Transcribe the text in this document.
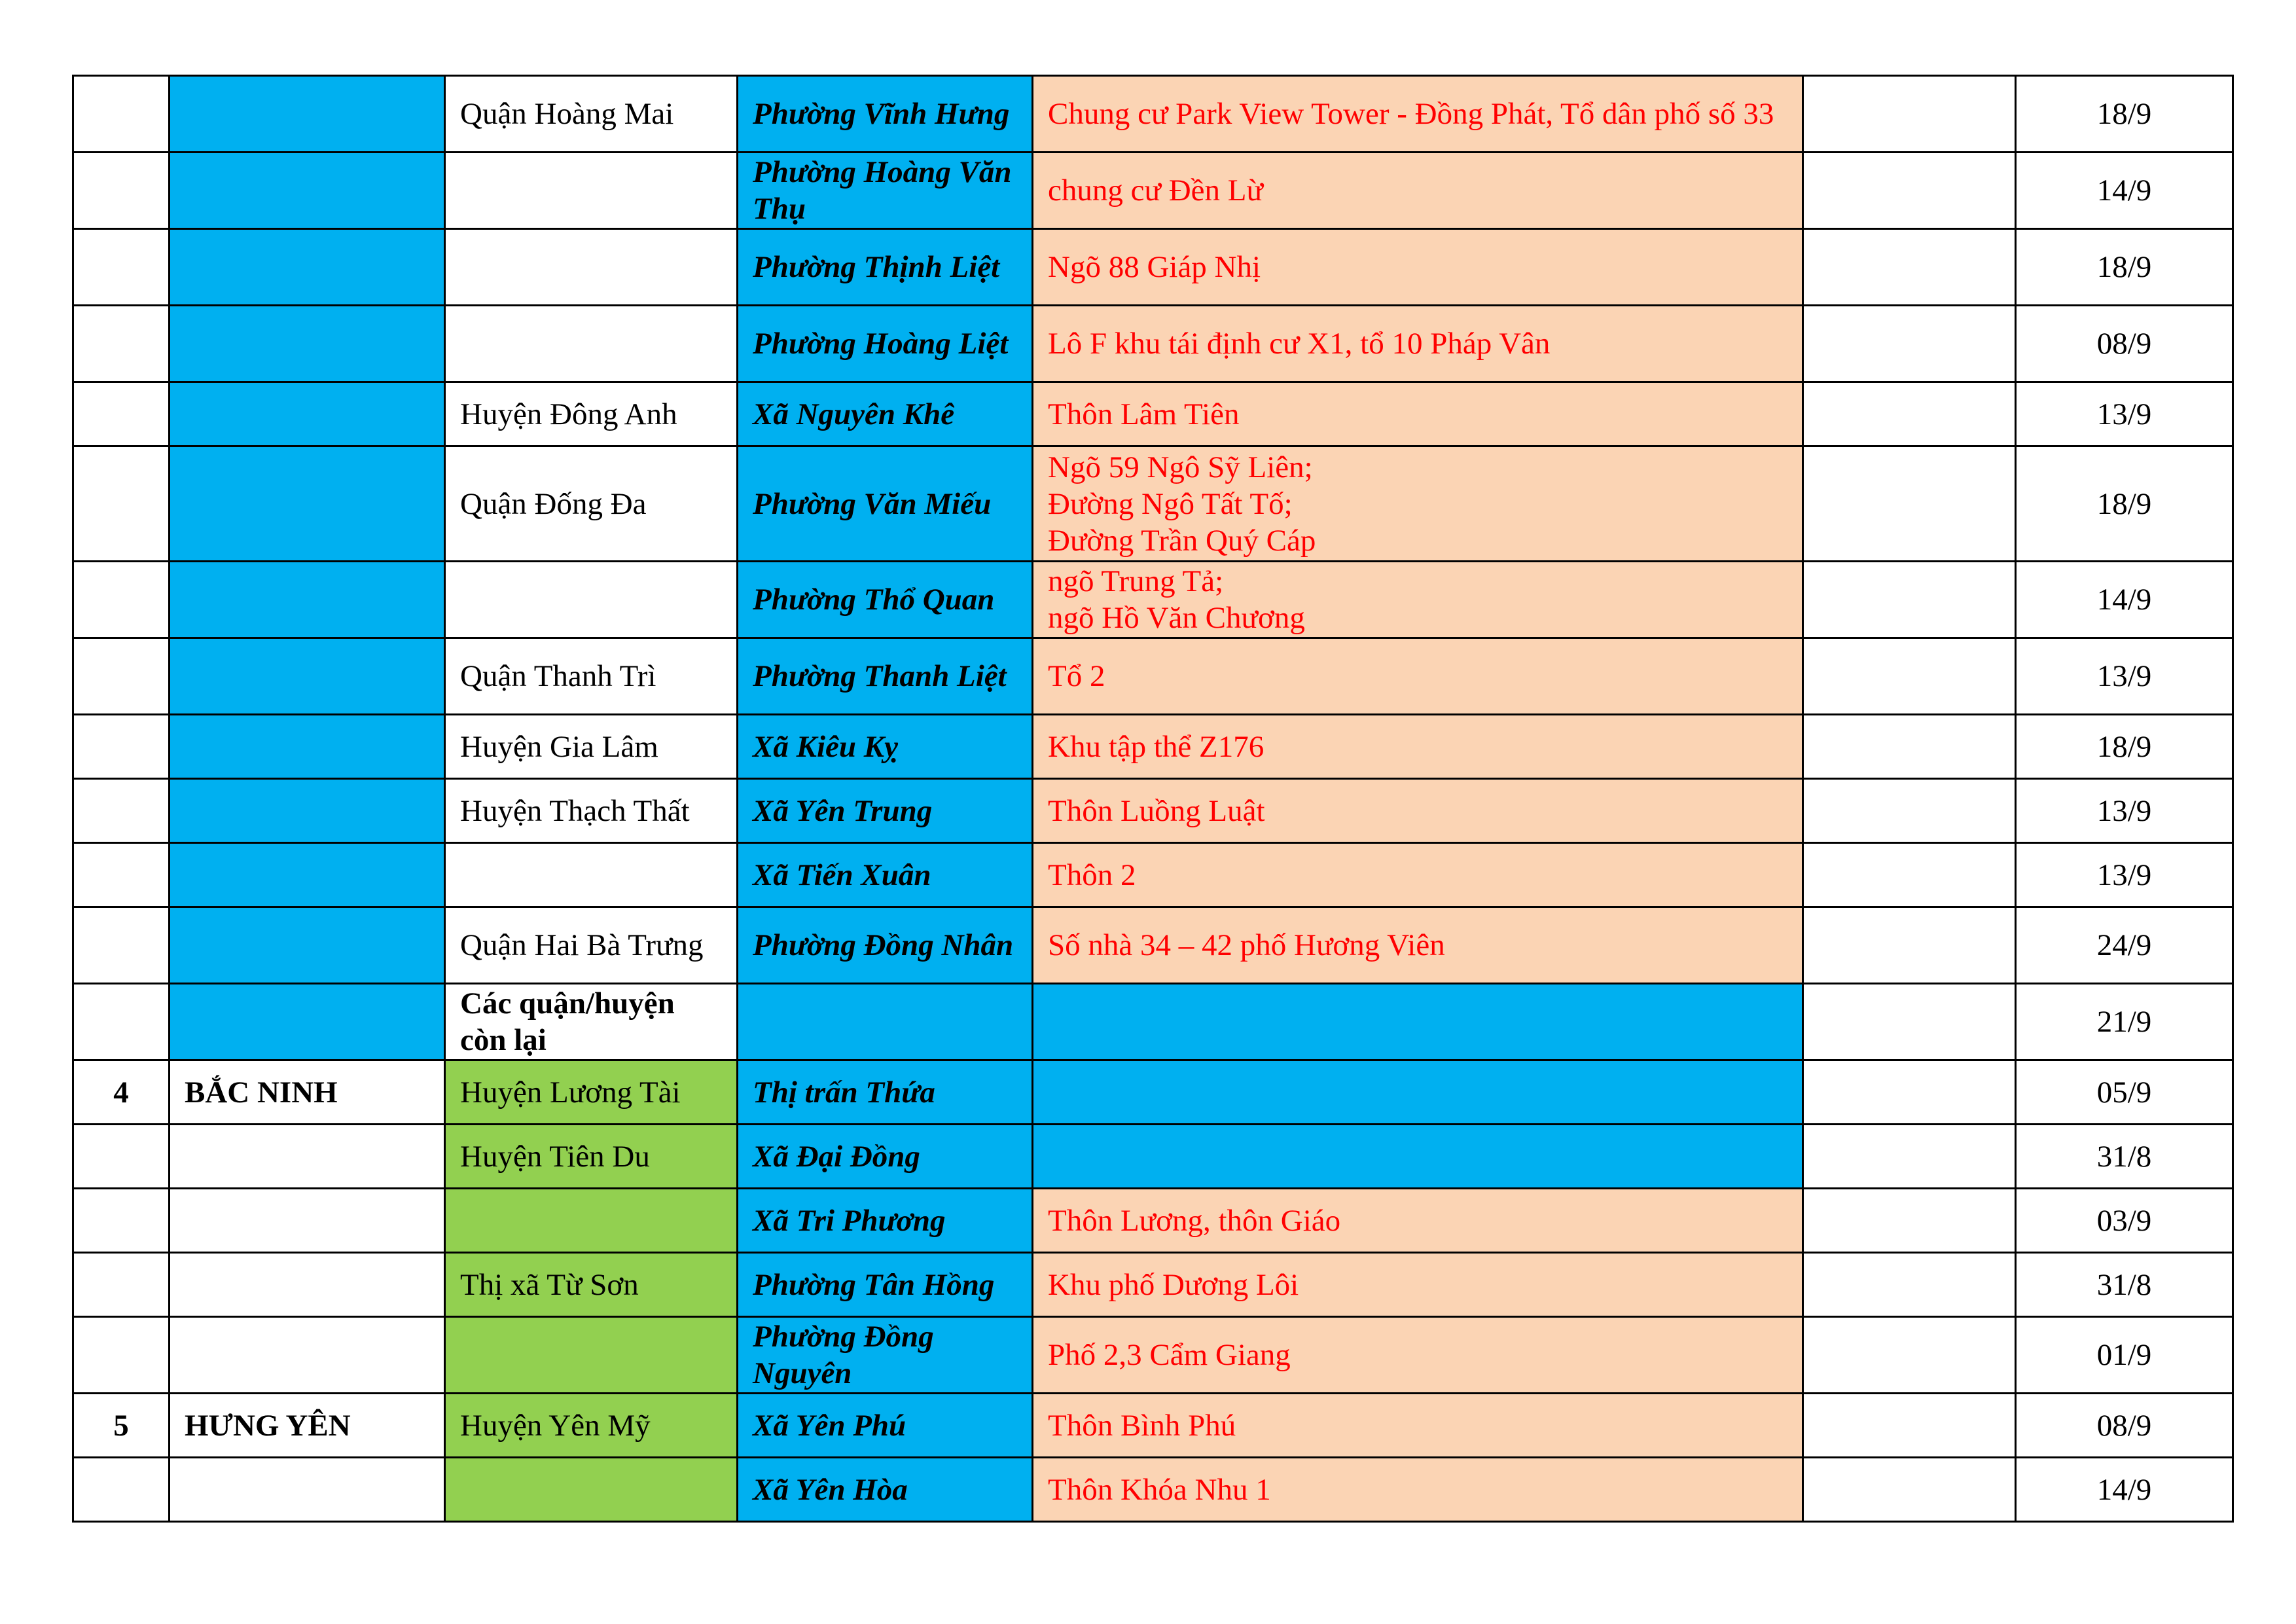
		Quận Hoàng Mai	Phường Vĩnh Hưng	Chung cư Park View Tower - Đồng Phát, Tổ dân phố số 33		18/9
			Phường Hoàng Văn Thụ	chung cư Đền Lừ		14/9
			Phường Thịnh Liệt	Ngõ 88 Giáp Nhị		18/9
			Phường Hoàng Liệt	Lô F khu tái định cư X1, tổ 10 Pháp Vân		08/9
		Huyện Đông Anh	Xã Nguyên Khê	Thôn Lâm Tiên		13/9
		Quận Đống Đa	Phường Văn Miếu	Ngõ 59 Ngô Sỹ Liên;
Đường Ngô Tất Tố;
Đường Trần Quý Cáp		18/9
			Phường Thổ Quan	ngõ Trung Tả;
ngõ Hồ Văn Chương		14/9
		Quận Thanh Trì	Phường Thanh Liệt	Tổ 2		13/9
		Huyện Gia Lâm	Xã Kiêu Kỵ	Khu tập thể Z176		18/9
		Huyện Thạch Thất	Xã Yên Trung	Thôn Luồng Luật		13/9
			Xã Tiến Xuân	Thôn 2		13/9
		Quận Hai Bà Trưng	Phường Đồng Nhân	Số nhà 34 – 42 phố Hương Viên		24/9
		Các quận/huyện còn lại				21/9
4	BẮC NINH	Huyện Lương Tài	Thị trấn Thứa			05/9
		Huyện Tiên Du	Xã Đại Đồng			31/8
			Xã Tri Phương	Thôn Lương, thôn Giáo		03/9
		Thị xã Từ Sơn	Phường Tân Hồng	Khu phố Dương Lôi		31/8
			Phường Đồng Nguyên	Phố 2,3 Cẩm Giang		01/9
5	HƯNG YÊN	Huyện Yên Mỹ	Xã Yên Phú	Thôn Bình Phú		08/9
			Xã Yên Hòa	Thôn Khóa Nhu 1		14/9
